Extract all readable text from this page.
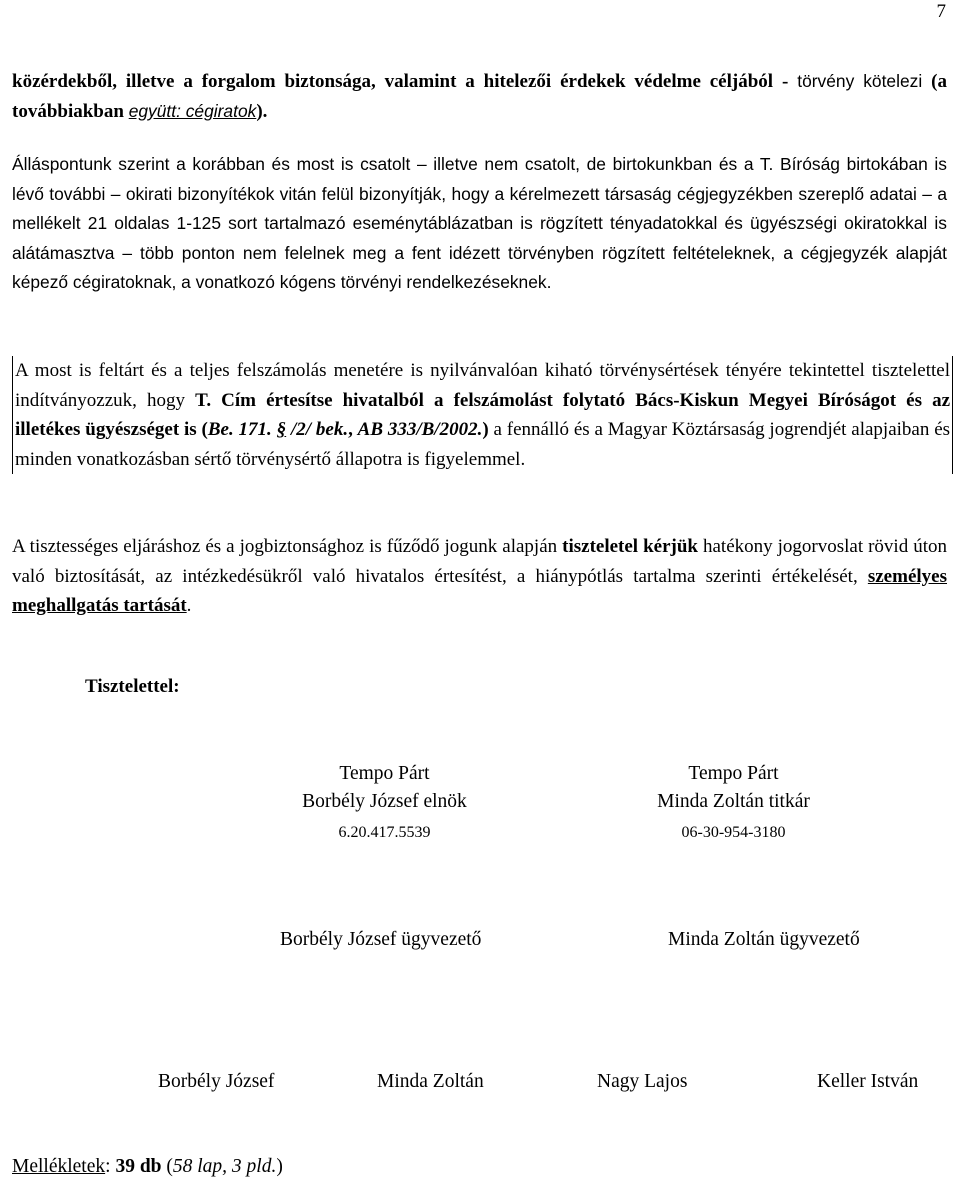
7

közérdekből, illetve a forgalom biztonsága, valamint a hitelezői érdekek védelme céljából - törvény kötelezi (a továbbiakban együtt: cégiratok).

Álláspontunk szerint a korábban és most is csatolt – illetve nem csatolt, de birtokunkban és a T. Bíróság birtokában is lévő további – okirati bizonyítékok vitán felül bizonyítják, hogy a kérelmezett társaság cégjegyzékben szereplő adatai – a mellékelt 21 oldalas 1-125 sort tartalmazó eseménytáblázatban is rögzített tényadatokkal és ügyészségi okiratokkal is alátámasztva – több ponton nem felelnek meg a fent idézett törvényben rögzített feltételeknek, a cégjegyzék alapját képező cégiratoknak, a vonatkozó kógens törvényi rendelkezéseknek.

A most is feltárt és a teljes felszámolás menetére is nyilvánvalóan kiható törvénysértések tényére tekintettel tisztelettel indítványozzuk, hogy T. Cím értesítse hivatalból a felszámolást folytató Bács-Kiskun Megyei Bíróságot és az illetékes ügyészséget is (Be. 171. § /2/ bek., AB 333/B/2002.) a fennálló és a Magyar Köztársaság jogrendjét alapjaiban és minden vonatkozásban sértő törvénysértő állapotra is figyelemmel.

A tisztességes eljáráshoz és a jogbiztonsághoz is fűződő jogunk alapján tiszteletel kérjük hatékony jogorvoslat rövid úton való biztosítását, az intézkedésükről való hivatalos értesítést, a hiánypótlás tartalma szerinti értékelését, személyes meghallgatás tartását.

Tisztelettel:
Tempo Párt
Borbély József elnök
6.20.417.5539
Tempo Párt
Minda Zoltán titkár
06-30-954-3180
Borbély József ügyvezető	Minda Zoltán ügyvezető
Borbély József	Minda Zoltán	Nagy Lajos	Keller István
Mellékletek: 39 db (58 lap, 3 pld.)
